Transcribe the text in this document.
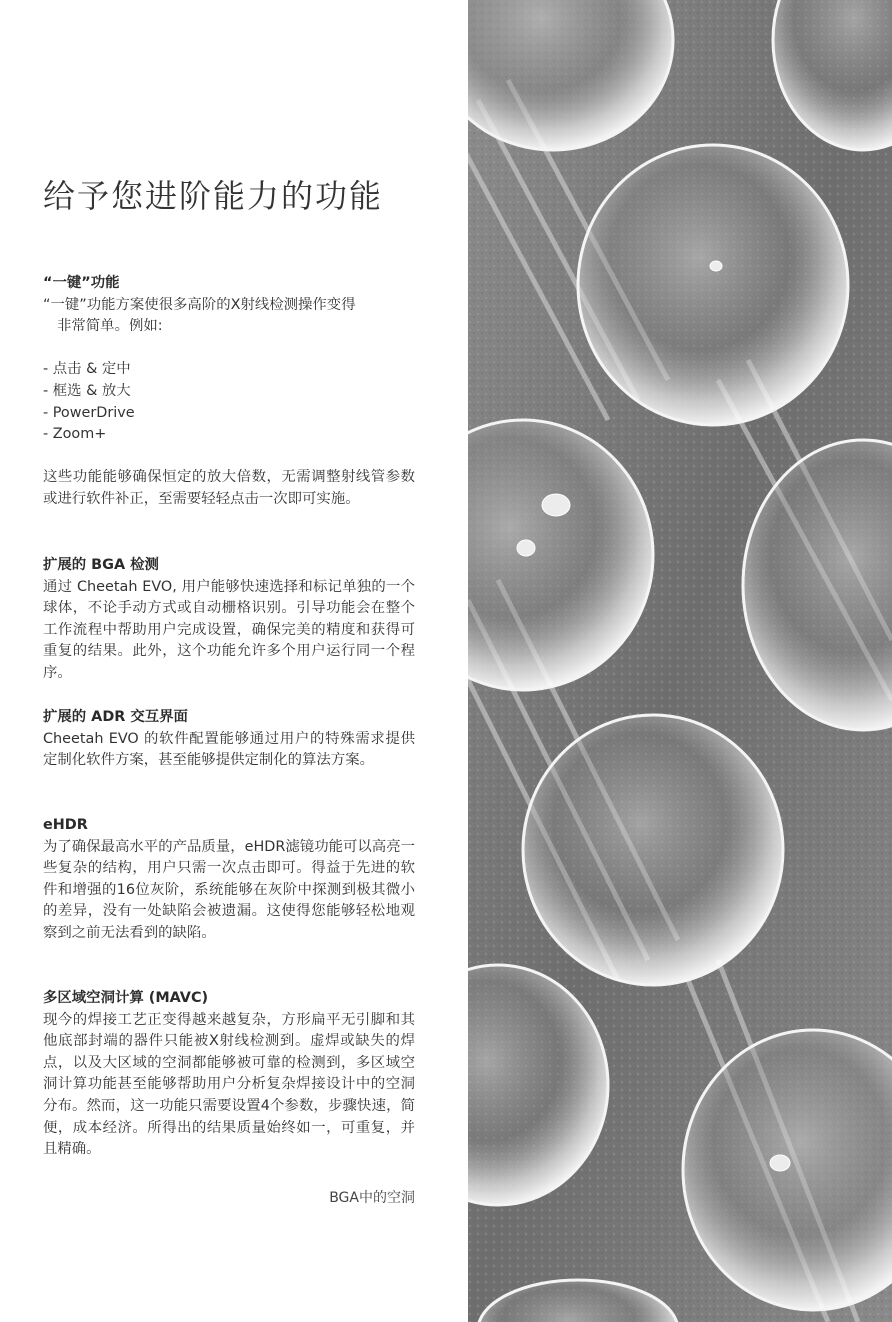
给予您进阶能力的功能
“一键”功能
“一键”功能方案使很多高阶的X射线检测操作变得
非常简单。例如:

- 点击 & 定中
- 框选 & 放大
- PowerDrive
- Zoom+

这些功能能够确保恒定的放大倍数，无需调整射线管参数或进行软件补正，至需要轻轻点击一次即可实施。
扩展的 BGA 检测
通过 Cheetah EVO, 用户能够快速选择和标记单独的一个球体，不论手动方式或自动栅格识别。引导功能会在整个工作流程中帮助用户完成设置，确保完美的精度和获得可重复的结果。此外，这个功能允许多个用户运行同一个程序。
扩展的 ADR 交互界面
Cheetah EVO 的软件配置能够通过用户的特殊需求提供定制化软件方案，甚至能够提供定制化的算法方案。
eHDR
为了确保最高水平的产品质量，eHDR滤镜功能可以高亮一些复杂的结构，用户只需一次点击即可。得益于先进的软件和增强的16位灰阶，系统能够在灰阶中探测到极其微小的差异，没有一处缺陷会被遗漏。这使得您能够轻松地观察到之前无法看到的缺陷。
多区域空洞计算 (MAVC)
现今的焊接工艺正变得越来越复杂，方形扁平无引脚和其他底部封端的器件只能被X射线检测到。虚焊或缺失的焊点，以及大区域的空洞都能够被可靠的检测到，多区域空洞计算功能甚至能够帮助用户分析复杂焊接设计中的空洞分布。然而，这一功能只需要设置4个参数，步骤快速，简便，成本经济。所得出的结果质量始终如一，可重复，并且精确。
BGA中的空洞
